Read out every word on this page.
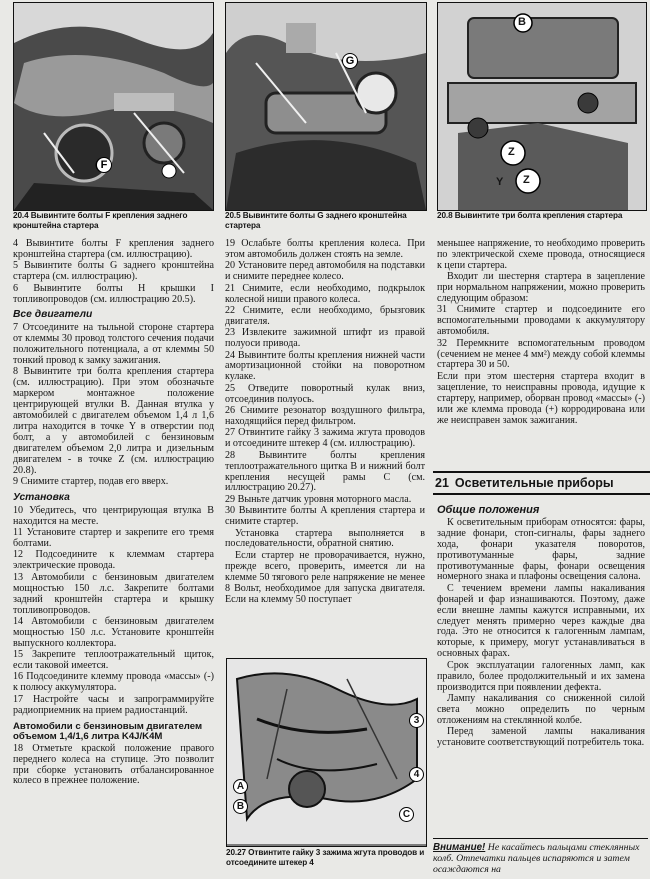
F
20.4 Вывинтите болты F крепления заднего кронштейна стартера
G
20.5 Вывинтите болты G заднего кронштейна стартера
B
Y
Z
Z
20.8 Вывинтите три болта крепления стартера

4 Вывинтите болты F крепления заднего кронштейна стартера (см. иллюстрацию).

5 Вывинтите болты G заднего кронштейна стартера (см. иллюстрацию).

6 Вывинтите болты H крышки I топливопроводов (см. иллюстрацию 20.5).

Все двигатели

7 Отсоедините на тыльной стороне стартера от клеммы 30 провод толстого сечения подачи положительного потенциала, а от клеммы 50 тонкий провод к замку зажигания.

8 Вывинтите три болта крепления стартера (см. иллюстрацию). При этом обозначьте маркером монтажное положение центрирующей втулки B. Данная втулка у автомобилей с двигателем объемом 1,4 л 1,6 литра находится в точке Y в отверстии под болт, а у автомобилей с бензиновым двигателем объемом 2,0 литра и дизельным двигателем - в точке Z (см. иллюстрацию 20.8).

9 Снимите стартер, подав его вверх.

Установка

10 Убедитесь, что центрирующая втулка B находится на месте.

11 Установите стартер и закрепите его тремя болтами.

12 Подсоедините к клеммам стартера электрические провода.

13 Автомобили с бензиновым двигателем мощностью 150 л.с. Закрепите болтами задний кронштейн стартера и крышку топливопроводов.

14 Автомобили с бензиновым двигателем мощностью 150 л.с. Установите кронштейн выпускного коллектора.

15 Закрепите теплоотражательный щиток, если таковой имеется.

16 Подсоедините клемму провода «массы» (-) к полюсу аккумулятора.

17 Настройте часы и запрограммируйте радиоприемник на прием радиостанций.

Автомобили с бензиновым двигателем объемом 1,4/1,6 литра K4J/K4M

18 Отметьте краской положение правого переднего колеса на ступице. Это позволит при сборке установить отбалансированное колесо в прежнее положение.

19 Ослабьте болты крепления колеса. При этом автомобиль должен стоять на земле.

20 Установите перед автомобиля на подставки и снимите переднее колесо.

21 Снимите, если необходимо, подкрылок колесной ниши правого колеса.

22 Снимите, если необходимо, брызговик двигателя.

23 Извлеките зажимной штифт из правой полуоси привода.

24 Вывинтите болты крепления нижней части амортизационной стойки на поворотном кулаке.

25 Отведите поворотный кулак вниз, отсоединив полуось.

26 Снимите резонатор воздушного фильтра, находящийся перед фильтром.

27 Отвинтите гайку 3 зажима жгута проводов и отсоедините штекер 4 (см. иллюстрацию).

28 Вывинтите болты крепления теплоотражательного щитка B и нижний болт крепления несущей рамы C (см. иллюстрацию 20.27).

29 Выньте датчик уровня моторного масла.

30 Вывинтите болты A крепления стартера и снимите стартер.

Установка стартера выполняется в последовательности, обратной снятию.

Если стартер не проворачивается, нужно, прежде всего, проверить, имеется ли на клемме 50 тягового реле напряжение не менее 8 Вольт, необходимое для запуска двигателя. Если на клемму 50 поступает

A
B
C
3
4
20.27 Отвинтите гайку 3 зажима жгута проводов и отсоедините штекер 4

меньшее напряжение, то необходимо проверить по электрической схеме провода, относящиеся к цепи стартера.

Входит ли шестерня стартера в зацепление при нормальном напряжении, можно проверить следующим образом:

31 Снимите стартер и подсоедините его вспомогательными проводами к аккумулятору автомобиля.

32 Перемкните вспомогательным проводом (сечением не менее 4 мм²) между собой клеммы стартера 30 и 50.

Если при этом шестерня стартера входит в зацепление, то неисправны провода, идущие к стартеру, например, оборван провод «массы» (-) или же клемма провода (+) корродирована или же неисправен замок зажигания.

21 Осветительные приборы
Общие положения

К осветительным приборам относятся: фары, задние фонари, стоп-сигналы, фары заднего хода, фонари указателя поворотов, противотуманные фары, задние противотуманные фары, фонари освещения номерного знака и плафоны освещения салона.

С течением времени лампы накаливания фонарей и фар изнашиваются. Поэтому, даже если внешне лампы кажутся исправными, их следует менять примерно через каждые два года. Это не относится к галогенным лампам, которые, к примеру, могут устанавливаться в основных фарах.

Срок эксплуатации галогенных ламп, как правило, более продолжительный и их замена производится при появлении дефекта.

Лампу накаливания со сниженной силой света можно определить по черным отложениям на стеклянной колбе.

Перед заменой лампы накаливания установите соответствующий потребитель тока.

Внимание! Не касайтесь пальцами стеклянных колб. Отпечатки пальцев испаряются и затем осаждаются на
